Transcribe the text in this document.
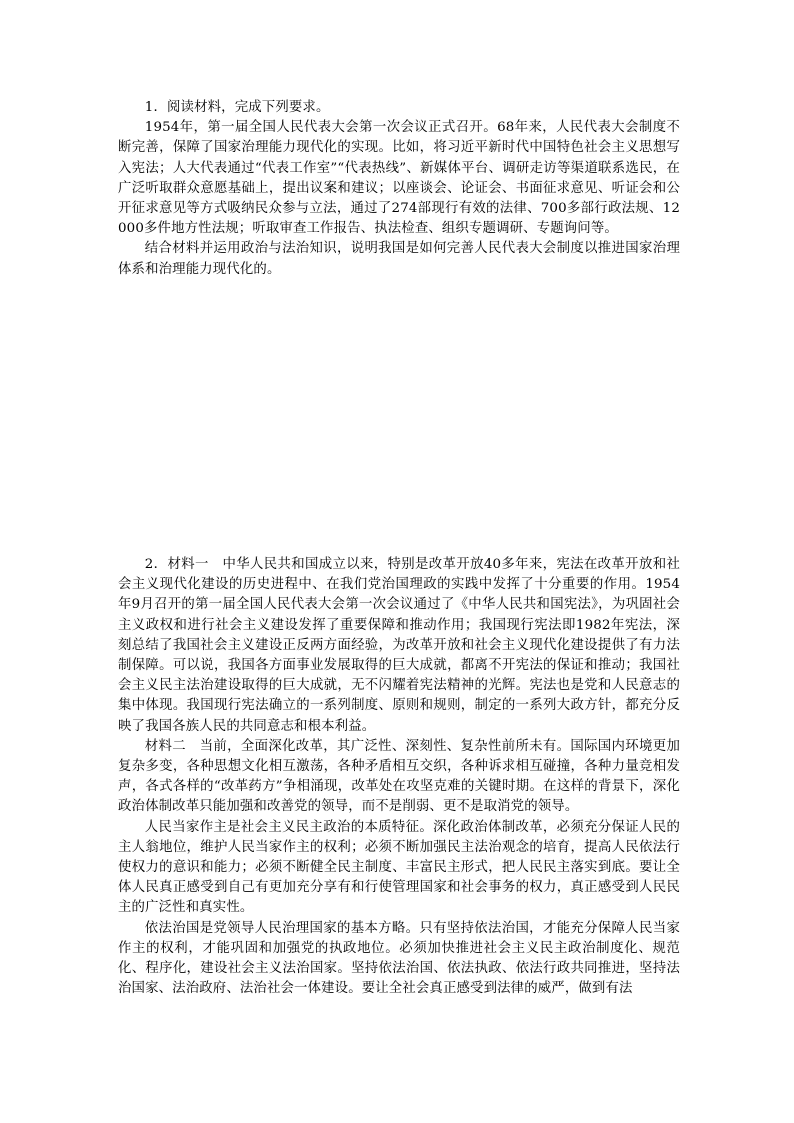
1．阅读材料，完成下列要求。

1954年，第一届全国人民代表大会第一次会议正式召开。68年来，人民代表大会制度不断完善，保障了国家治理能力现代化的实现。比如，将习近平新时代中国特色社会主义思想写入宪法；人大代表通过“代表工作室”“代表热线”、新媒体平台、调研走访等渠道联系选民，在广泛听取群众意愿基础上，提出议案和建议；以座谈会、论证会、书面征求意见、听证会和公开征求意见等方式吸纳民众参与立法，通过了274部现行有效的法律、700多部行政法规、12 000多件地方性法规；听取审查工作报告、执法检查、组织专题调研、专题询问等。

结合材料并运用政治与法治知识，说明我国是如何完善人民代表大会制度以推进国家治理体系和治理能力现代化的。

2．材料一　中华人民共和国成立以来，特别是改革开放40多年来，宪法在改革开放和社会主义现代化建设的历史进程中、在我们党治国理政的实践中发挥了十分重要的作用。1954年9月召开的第一届全国人民代表大会第一次会议通过了《中华人民共和国宪法》，为巩固社会主义政权和进行社会主义建设发挥了重要保障和推动作用；我国现行宪法即1982年宪法，深刻总结了我国社会主义建设正反两方面经验，为改革开放和社会主义现代化建设提供了有力法制保障。可以说，我国各方面事业发展取得的巨大成就，都离不开宪法的保证和推动；我国社会主义民主法治建设取得的巨大成就，无不闪耀着宪法精神的光辉。宪法也是党和人民意志的集中体现。我国现行宪法确立的一系列制度、原则和规则，制定的一系列大政方针，都充分反映了我国各族人民的共同意志和根本利益。

材料二　当前，全面深化改革，其广泛性、深刻性、复杂性前所未有。国际国内环境更加复杂多变，各种思想文化相互激荡，各种矛盾相互交织，各种诉求相互碰撞，各种力量竞相发声，各式各样的“改革药方”争相涌现，改革处在攻坚克难的关键时期。在这样的背景下，深化政治体制改革只能加强和改善党的领导，而不是削弱、更不是取消党的领导。

人民当家作主是社会主义民主政治的本质特征。深化政治体制改革，必须充分保证人民的主人翁地位，维护人民当家作主的权利；必须不断加强民主法治观念的培育，提高人民依法行使权力的意识和能力；必须不断健全民主制度、丰富民主形式，把人民民主落实到底。要让全体人民真正感受到自己有更加充分享有和行使管理国家和社会事务的权力，真正感受到人民民主的广泛性和真实性。

依法治国是党领导人民治理国家的基本方略。只有坚持依法治国，才能充分保障人民当家作主的权利，才能巩固和加强党的执政地位。必须加快推进社会主义民主政治制度化、规范化、程序化，建设社会主义法治国家。坚持依法治国、依法执政、依法行政共同推进，坚持法治国家、法治政府、法治社会一体建设。要让全社会真正感受到法律的威严，做到有法
